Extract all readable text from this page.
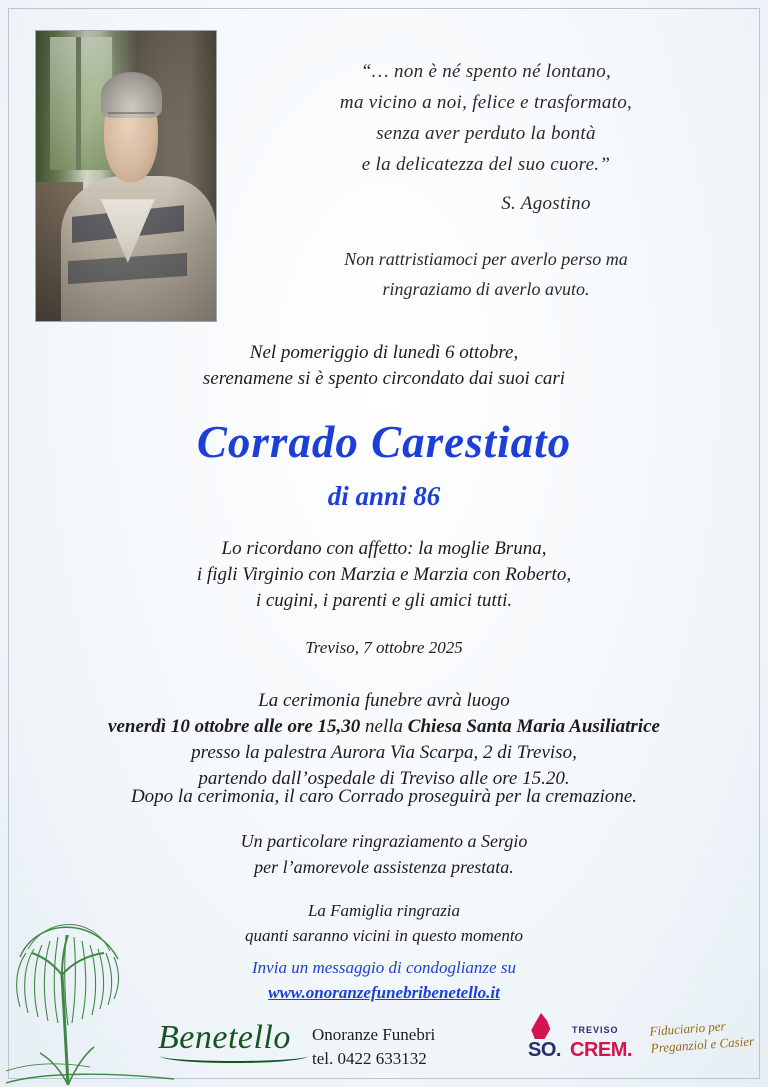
“… non è né spento né lontano,
ma vicino a noi, felice e trasformato,
senza aver perduto la bontà
e la delicatezza del suo cuore.”
S. Agostino
Non rattristiamoci per averlo perso ma
ringraziamo di averlo avuto.
Nel pomeriggio di lunedì 6 ottobre,
serenamene si è spento circondato dai suoi cari
Corrado Carestiato
di anni 86
Lo ricordano con affetto: la moglie Bruna,
i figli Virginio con Marzia e Marzia con Roberto,
i cugini, i parenti e gli amici tutti.
Treviso, 7 ottobre 2025
La cerimonia funebre avrà luogo
venerdì 10 ottobre alle ore 15,30 nella Chiesa Santa Maria Ausiliatrice
presso la palestra Aurora Via Scarpa, 2 di Treviso,
partendo dall’ospedale di Treviso alle ore 15.20.
Dopo la cerimonia, il caro Corrado proseguirà per la cremazione.
Un particolare ringraziamento a Sergio
per l’amorevole assistenza prestata.
La Famiglia ringrazia
quanti saranno vicini in questo momento
Invia un messaggio di condoglianze su
www.onoranzefunebribenetello.it
Benetello Onoranze Funebri
tel. 0422 633132
TREVISO
SO. CREM.
Fiduciario per
Preganziol e Casier
